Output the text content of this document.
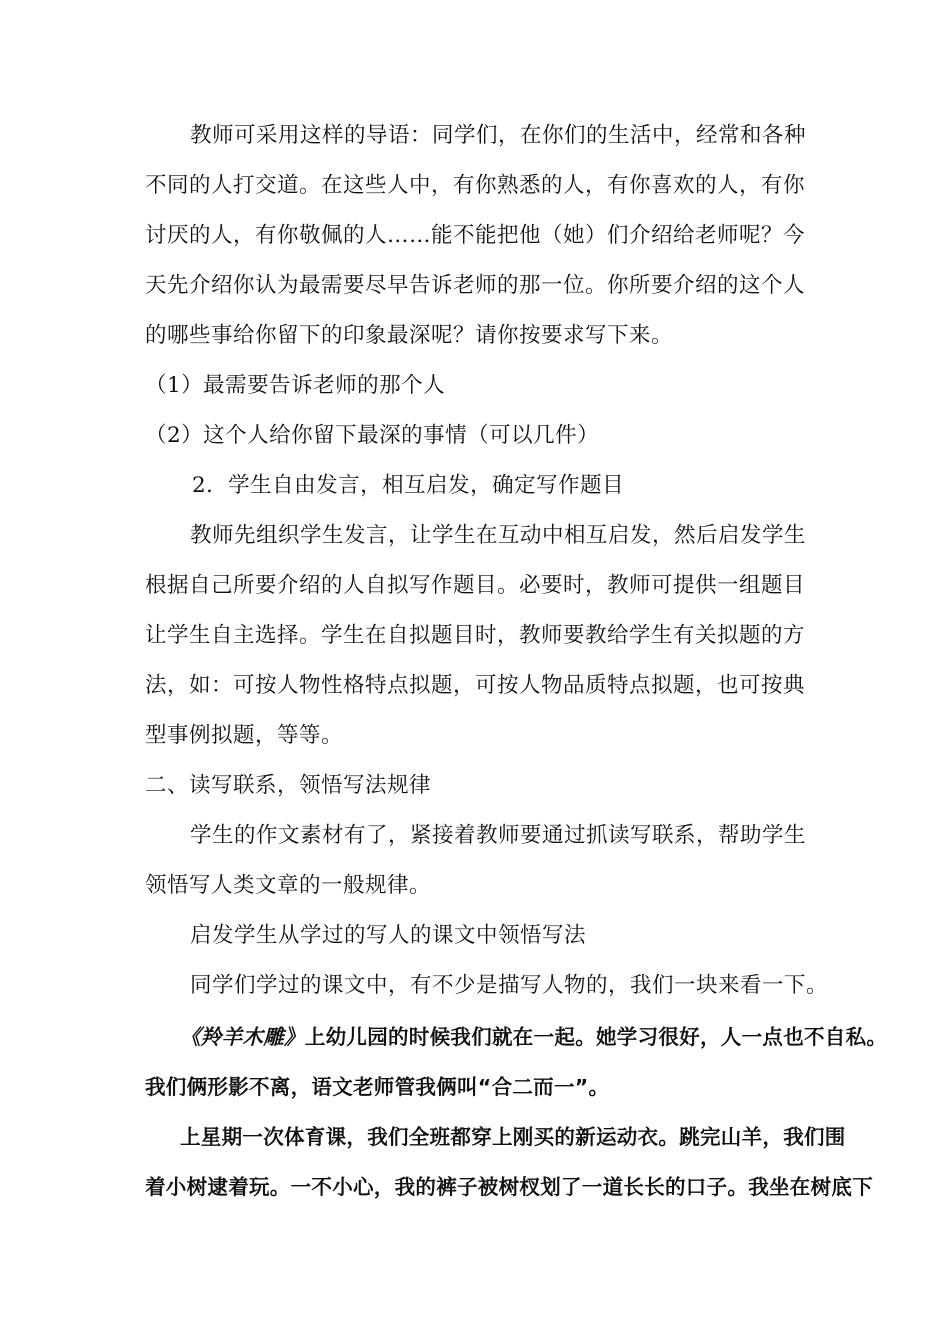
教师可采用这样的导语：同学们，在你们的生活中，经常和各种
不同的人打交道。在这些人中，有你熟悉的人，有你喜欢的人，有你
讨厌的人，有你敬佩的人……能不能把他（她）们介绍给老师呢？今
天先介绍你认为最需要尽早告诉老师的那一位。你所要介绍的这个人
的哪些事给你留下的印象最深呢？请你按要求写下来。
（1）最需要告诉老师的那个人
（2）这个人给你留下最深的事情（可以几件）
2．学生自由发言，相互启发，确定写作题目
教师先组织学生发言，让学生在互动中相互启发，然后启发学生
根据自己所要介绍的人自拟写作题目。必要时，教师可提供一组题目
让学生自主选择。学生在自拟题目时，教师要教给学生有关拟题的方
法，如：可按人物性格特点拟题，可按人物品质特点拟题，也可按典
型事例拟题，等等。
二、读写联系，领悟写法规律
学生的作文素材有了，紧接着教师要通过抓读写联系，帮助学生
领悟写人类文章的一般规律。
启发学生从学过的写人的课文中领悟写法
同学们学过的课文中，有不少是描写人物的，我们一块来看一下。
《羚羊木雕》上幼儿园的时候我们就在一起。她学习很好，人一点也不自私。
我们俩形影不离，语文老师管我俩叫“合二而一”。
上星期一次体育课，我们全班都穿上刚买的新运动衣。跳完山羊，我们围
着小树逮着玩。一不小心，我的裤子被树杈划了一道长长的口子。我坐在树底下
